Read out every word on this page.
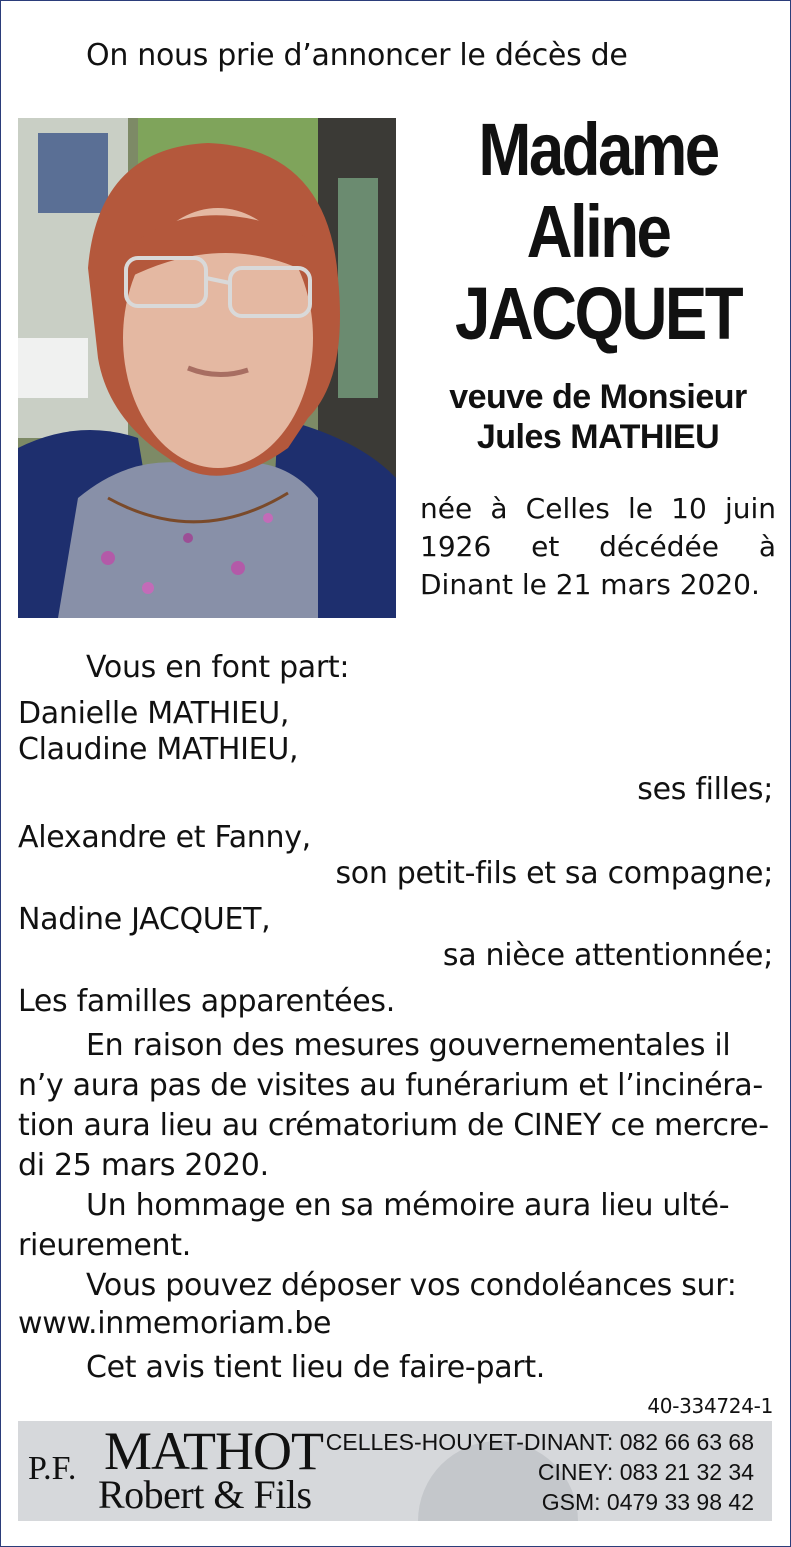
On nous prie d’annoncer le décès de
Madame
Aline
JACQUET
veuve de Monsieur
Jules MATHIEU
née à Celles le 10 juin 1926 et décédée à Dinant le 21 mars 2020.
Vous en font part:
Danielle MATHIEU,
Claudine MATHIEU,
ses filles;
Alexandre et Fanny,
son petit-fils et sa compagne;
Nadine JACQUET,
sa nièce attentionnée;
Les familles apparentées.
En raison des mesures gouvernementales il
n’y aura pas de visites au funérarium et l’incinéra-
tion aura lieu au crématorium de CINEY ce mercre-
di 25 mars 2020.
Un hommage en sa mémoire aura lieu ulté-
rieurement.
Vous pouvez déposer vos condoléances sur:
www.inmemoriam.be
Cet avis tient lieu de faire-part.
40-334724-1
P.F. MATHOT
Robert & Fils
CELLES-HOUYET-DINANT: 082 66 63 68
CINEY: 083 21 32 34
GSM: 0479 33 98 42
